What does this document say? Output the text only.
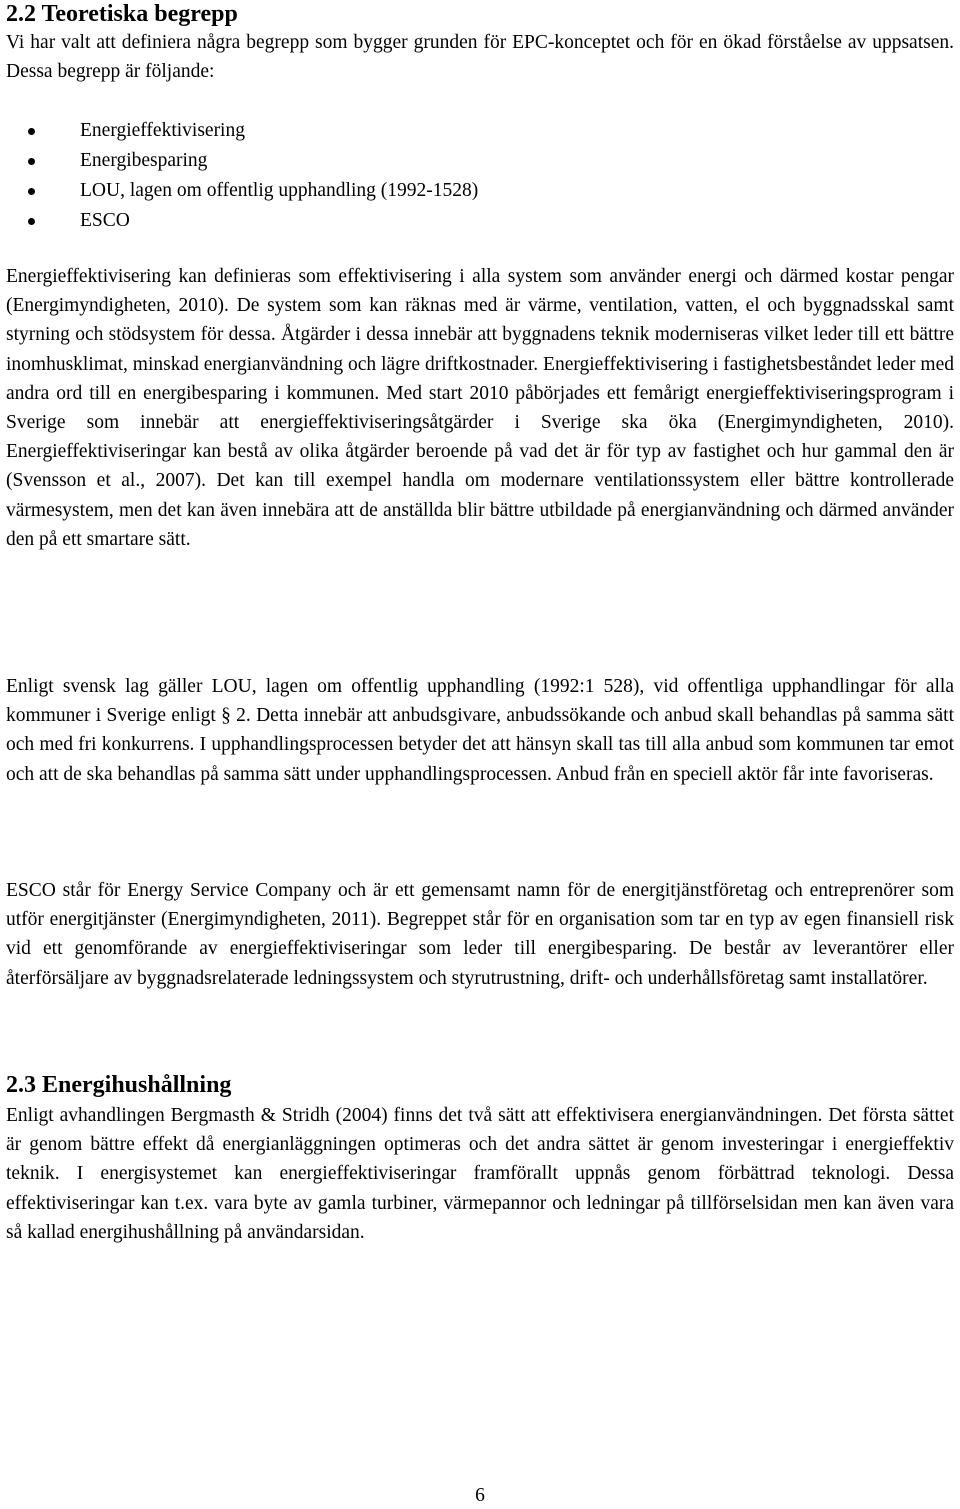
2.2 Teoretiska begrepp

Vi har valt att definiera några begrepp som bygger grunden för EPC-konceptet och för en ökad förståelse av uppsatsen. Dessa begrepp är följande:

Energieffektivisering
Energibesparing
LOU, lagen om offentlig upphandling (1992-1528)
ESCO

Energieffektivisering kan definieras som effektivisering i alla system som använder energi och därmed kostar pengar (Energimyndigheten, 2010). De system som kan räknas med är värme, ventilation, vatten, el och byggnadsskal samt styrning och stödsystem för dessa. Åtgärder i dessa innebär att byggnadens teknik moderniseras vilket leder till ett bättre inomhusklimat, minskad energianvändning och lägre driftkostnader. Energieffektivisering i fastighetsbeståndet leder med andra ord till en energibesparing i kommunen. Med start 2010 påbörjades ett femårigt energieffektiviseringsprogram i Sverige som innebär att energieffektiviseringsåtgärder i Sverige ska öka (Energimyndigheten, 2010). Energieffektiviseringar kan bestå av olika åtgärder beroende på vad det är för typ av fastighet och hur gammal den är (Svensson et al., 2007). Det kan till exempel handla om modernare ventilationssystem eller bättre kontrollerade värmesystem, men det kan även innebära att de anställda blir bättre utbildade på energianvändning och därmed använder den på ett smartare sätt.

Enligt svensk lag gäller LOU, lagen om offentlig upphandling (1992:1 528), vid offentliga upphandlingar för alla kommuner i Sverige enligt § 2. Detta innebär att anbudsgivare, anbudssökande och anbud skall behandlas på samma sätt och med fri konkurrens. I upphandlingsprocessen betyder det att hänsyn skall tas till alla anbud som kommunen tar emot och att de ska behandlas på samma sätt under upphandlingsprocessen. Anbud från en speciell aktör får inte favoriseras.

ESCO står för Energy Service Company och är ett gemensamt namn för de energitjänstföretag och entreprenörer som utför energitjänster (Energimyndigheten, 2011). Begreppet står för en organisation som tar en typ av egen finansiell risk vid ett genomförande av energieffektiviseringar som leder till energibesparing. De består av leverantörer eller återförsäljare av byggnadsrelaterade ledningssystem och styrutrustning, drift- och underhållsföretag samt installatörer.

2.3 Energihushållning

Enligt avhandlingen Bergmasth & Stridh (2004) finns det två sätt att effektivisera energianvändningen. Det första sättet är genom bättre effekt då energianläggningen optimeras och det andra sättet är genom investeringar i energieffektiv teknik. I energisystemet kan energieffektiviseringar framförallt uppnås genom förbättrad teknologi. Dessa effektiviseringar kan t.ex. vara byte av gamla turbiner, värmepannor och ledningar på tillförselsidan men kan även vara så kallad energihushållning på användarsidan.

6
